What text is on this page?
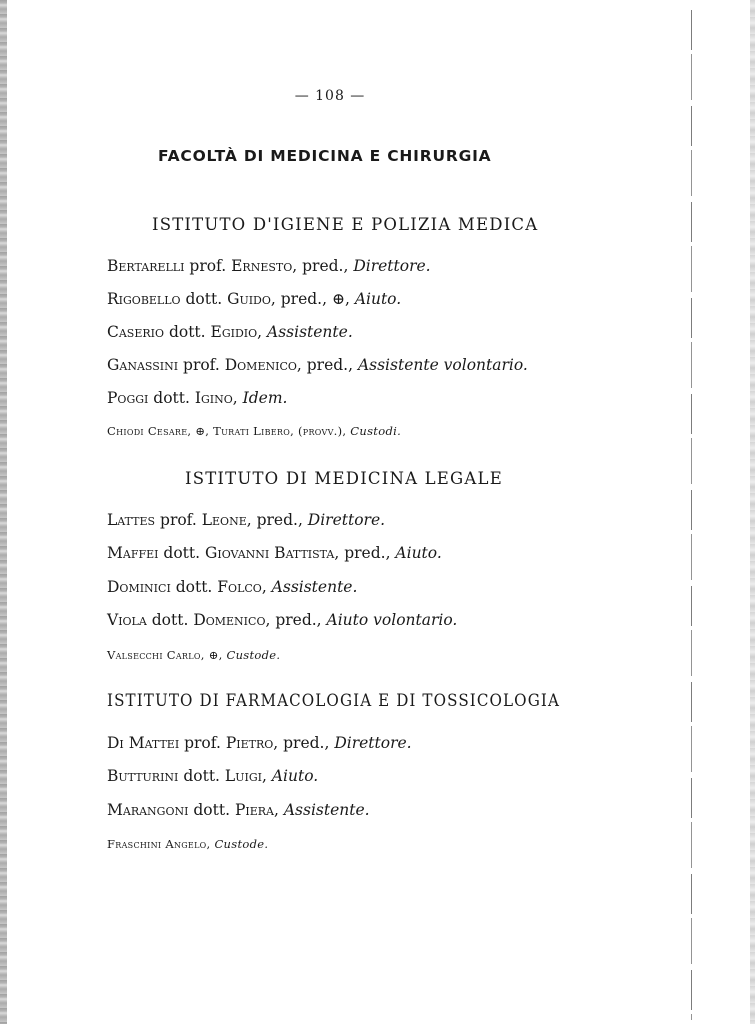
— 108 —
FACOLTÀ DI MEDICINA E CHIRURGIA
ISTITUTO D'IGIENE E POLIZIA MEDICA
Bertarelli prof. Ernesto, pred., Direttore.
Rigobello dott. Guido, pred., ⊕, Aiuto.
Caserio dott. Egidio, Assistente.
Ganassini prof. Domenico, pred., Assistente volontario.
Poggi dott. Igino, Idem.
Chiodi Cesare, ⊕, Turati Libero, (provv.), Custodi.
ISTITUTO DI MEDICINA LEGALE
Lattes prof. Leone, pred., Direttore.
Maffei dott. Giovanni Battista, pred., Aiuto.
Dominici dott. Folco, Assistente.
Viola dott. Domenico, pred., Aiuto volontario.
Valsecchi Carlo, ⊕, Custode.
ISTITUTO DI FARMACOLOGIA E DI TOSSICOLOGIA
Di Mattei prof. Pietro, pred., Direttore.
Butturini dott. Luigi, Aiuto.
Marangoni dott. Piera, Assistente.
Fraschini Angelo, Custode.
